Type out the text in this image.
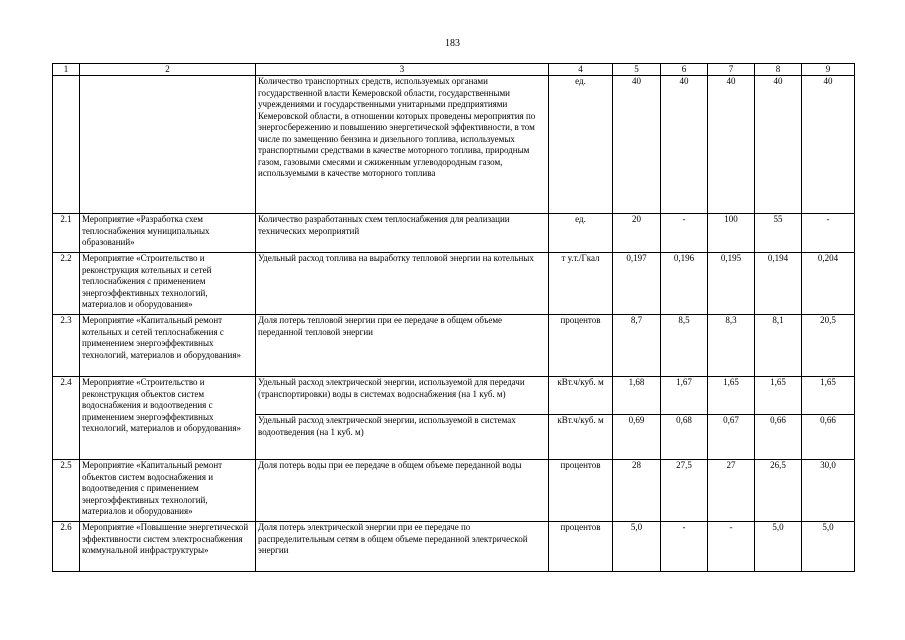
183
1	2	3	4	5	6	7	8	9
		Количество транспортных средств, используемых органами государственной власти Кемеровской области, государственными учреждениями и государственными унитарными предприятиями Кемеровской области, в отношении которых проведены мероприятия по энергосбережению и повышению энергетической эффективности, в том числе по замещению бензина и дизельного топлива, используемых транспортными средствами в качестве моторного топлива, природным газом, газовыми смесями и сжиженным углеводородным газом, используемыми в качестве моторного топлива	ед.	40	40	40	40	40
2.1	Мероприятие «Разработка схем теплоснабжения муниципальных образований»	Количество разработанных схем теплоснабжения для реализации технических мероприятий	ед.	20	-	100	55	-
2.2	Мероприятие «Строительство и реконструкция котельных и сетей теплоснабжения с применением энергоэффективных технологий, материалов и оборудования»	Удельный расход топлива на выработку тепловой энергии на котельных	т у.т./Гкал	0,197	0,196	0,195	0,194	0,204
2.3	Мероприятие «Капитальный ремонт котельных и сетей теплоснабжения с применением энергоэффективных технологий, материалов и оборудования»	Доля потерь тепловой энергии при ее передаче в общем объеме переданной тепловой энергии	процентов	8,7	8,5	8,3	8,1	20,5
2.4	Мероприятие «Строительство и реконструкция объектов систем водоснабжения и водоотведения с применением энергоэффективных технологий, материалов и оборудования»	Удельный расход электрической энергии, используемой для передачи (транспортировки) воды в системах водоснабжения (на 1 куб. м)	кВт.ч/куб. м	1,68	1,67	1,65	1,65	1,65
		Удельный расход электрической энергии, используемой в системах водоотведения (на 1 куб. м)	кВт.ч/куб. м	0,69	0,68	0,67	0,66	0,66
2.5	Мероприятие «Капитальный ремонт объектов систем водоснабжения и водоотведения с применением энергоэффективных технологий, материалов и оборудования»	Доля потерь воды при ее передаче в общем объеме переданной воды	процентов	28	27,5	27	26,5	30,0
2.6	Мероприятие «Повышение энергетической эффективности систем электроснабжения коммунальной инфраструктуры»	Доля потерь электрической энергии при ее передаче по распределительным сетям в общем объеме переданной электрической энергии	процентов	5,0	-	-	5,0	5,0
